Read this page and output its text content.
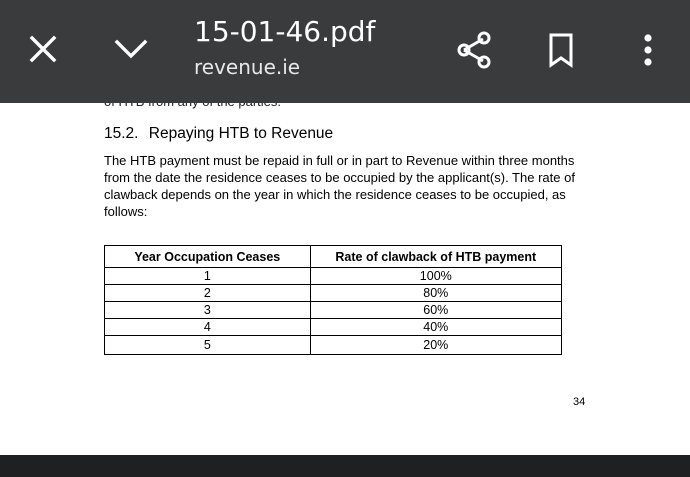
15.2. Repaying HTB to Revenue
The HTB payment must be repaid in full or in part to Revenue within three months
from the date the residence ceases to be occupied by the applicant(s). The rate of
clawback depends on the year in which the residence ceases to be occupied, as
follows:
Year Occupation Ceases	Rate of clawback of HTB payment
1	100%
2	80%
3	60%
4	40%
5	20%
34
15-01-46.pdf
revenue.ie
